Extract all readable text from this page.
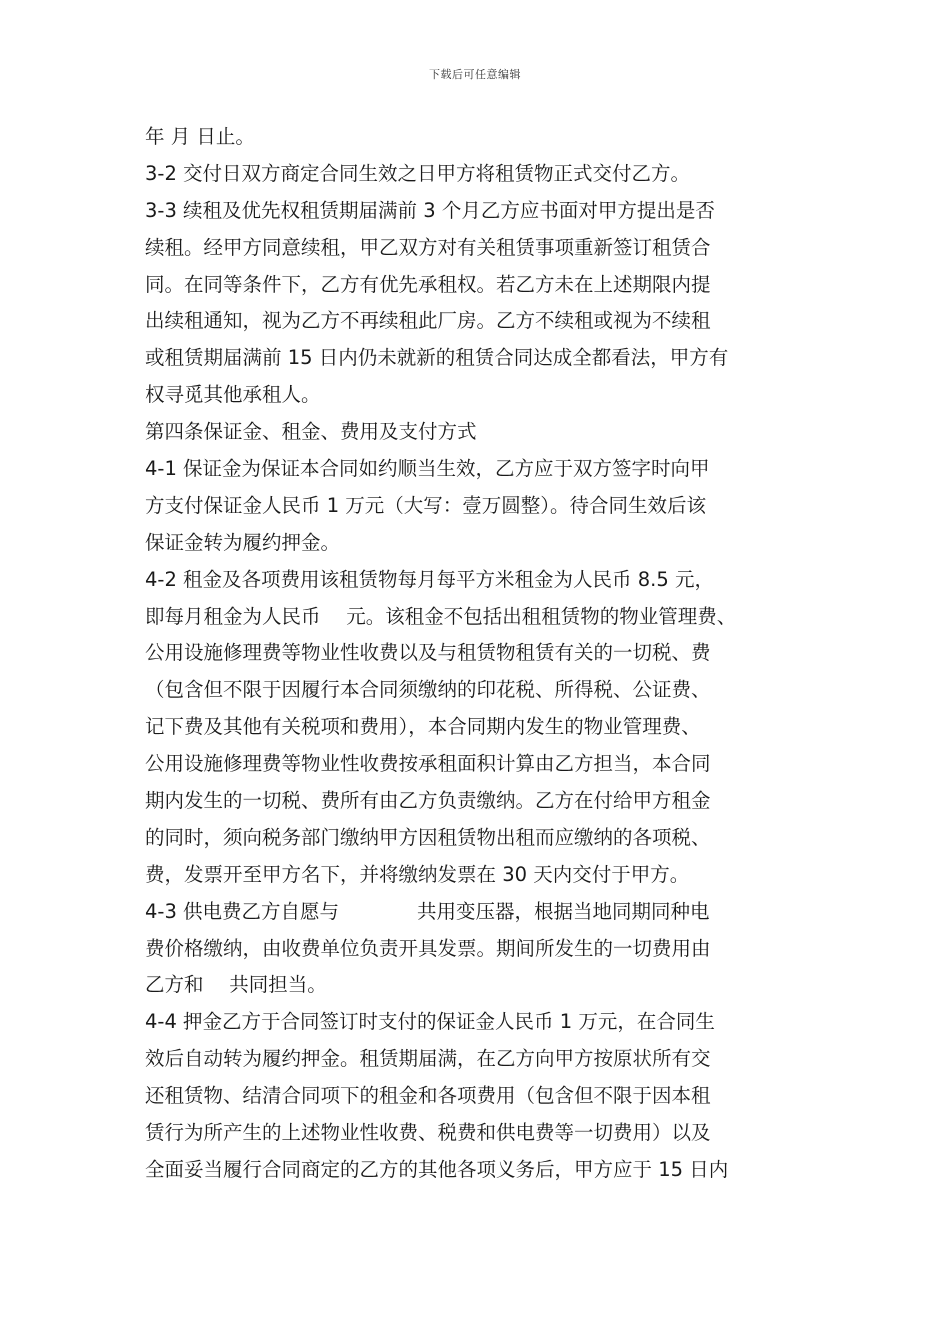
下载后可任意编辑
年 月 日止。
3-2 交付日双方商定合同生效之日甲方将租赁物正式交付乙方。
3-3 续租及优先权租赁期届满前 3 个月乙方应书面对甲方提出是否
续租。经甲方同意续租，甲乙双方对有关租赁事项重新签订租赁合
同。在同等条件下，乙方有优先承租权。若乙方未在上述期限内提
出续租通知，视为乙方不再续租此厂房。乙方不续租或视为不续租
或租赁期届满前 15 日内仍未就新的租赁合同达成全都看法，甲方有
权寻觅其他承租人。
第四条保证金、租金、费用及支付方式
4-1 保证金为保证本合同如约顺当生效，乙方应于双方签字时向甲
方支付保证金人民币 1 万元（大写：壹万圆整）。待合同生效后该
保证金转为履约押金。
4-2 租金及各项费用该租赁物每月每平方米租金为人民币 8.5 元，
即每月租金为人民币　 元。该租金不包括出租租赁物的物业管理费、
公用设施修理费等物业性收费以及与租赁物租赁有关的一切税、费
（包含但不限于因履行本合同须缴纳的印花税、所得税、公证费、
记下费及其他有关税项和费用），本合同期内发生的物业管理费、
公用设施修理费等物业性收费按承租面积计算由乙方担当，本合同
期内发生的一切税、费所有由乙方负责缴纳。乙方在付给甲方租金
的同时，须向税务部门缴纳甲方因租赁物出租而应缴纳的各项税、
费，发票开至甲方名下，并将缴纳发票在 30 天内交付于甲方。
4-3 供电费乙方自愿与　　　　共用变压器，根据当地同期同种电
费价格缴纳，由收费单位负责开具发票。期间所发生的一切费用由
乙方和　 共同担当。
4-4 押金乙方于合同签订时支付的保证金人民币 1 万元，在合同生
效后自动转为履约押金。租赁期届满，在乙方向甲方按原状所有交
还租赁物、结清合同项下的租金和各项费用（包含但不限于因本租
赁行为所产生的上述物业性收费、税费和供电费等一切费用）以及
全面妥当履行合同商定的乙方的其他各项义务后，甲方应于 15 日内
